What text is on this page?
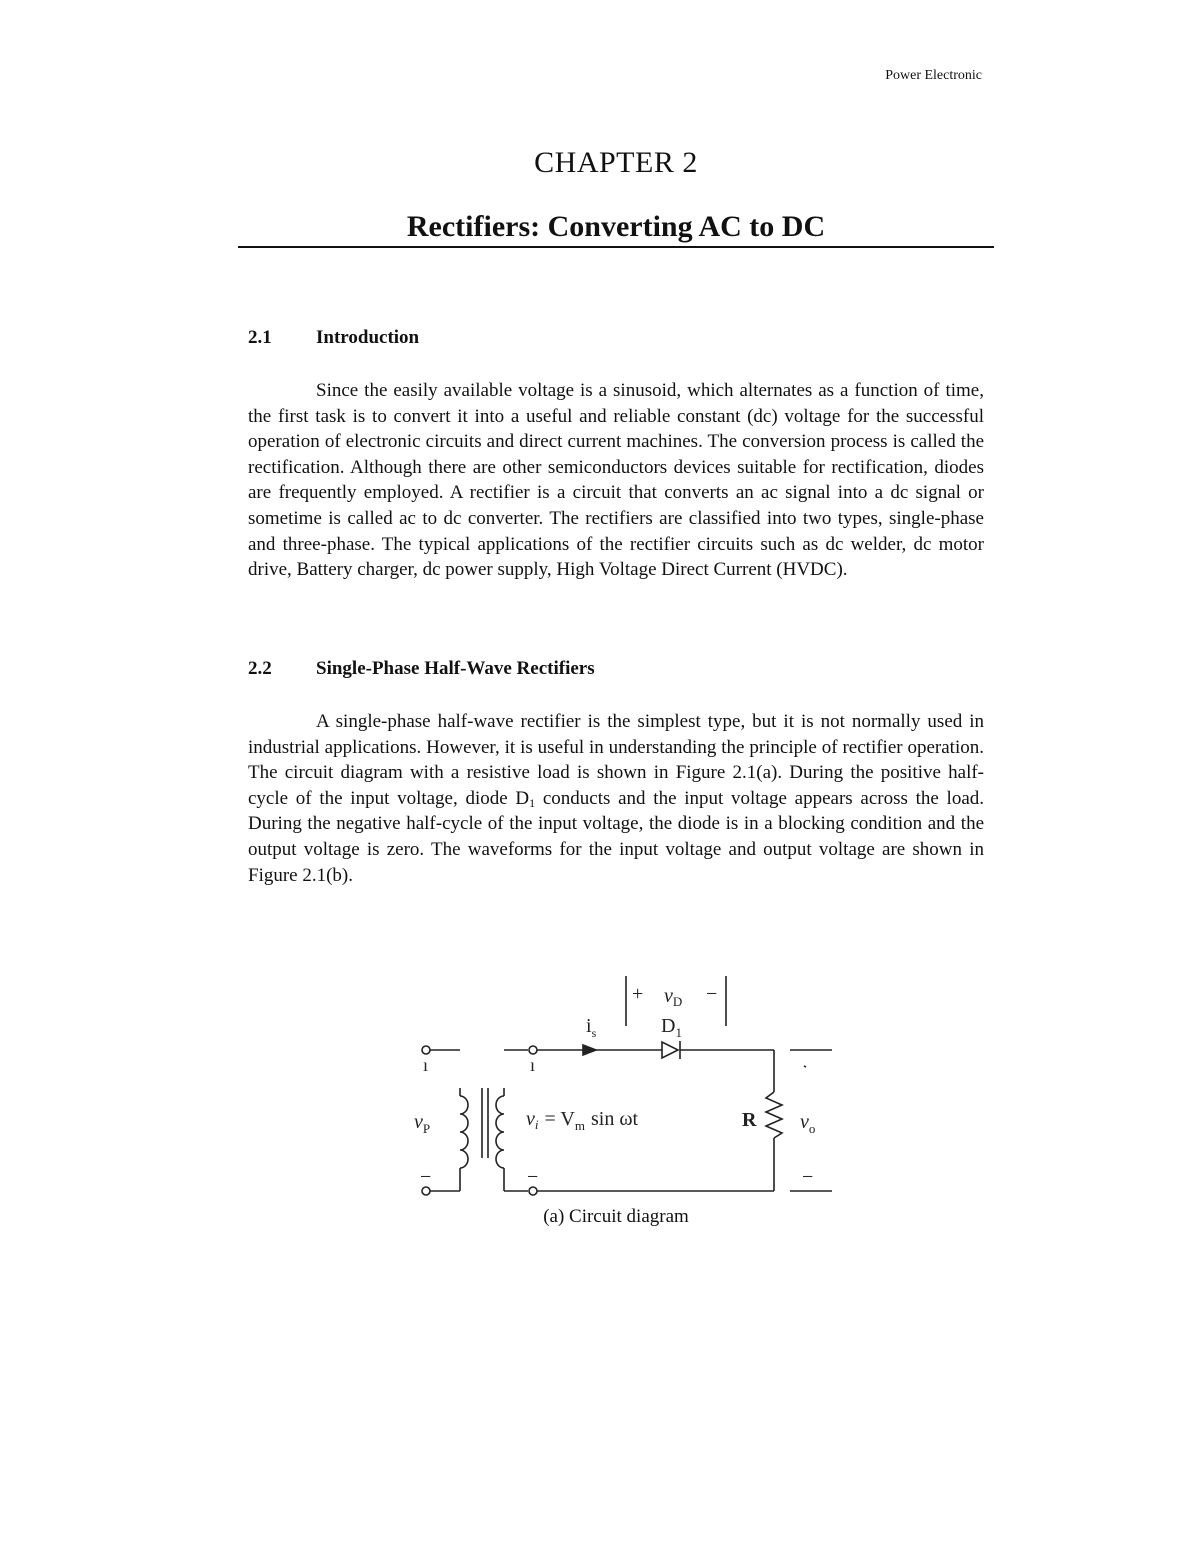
Power Electronic
CHAPTER 2
Rectifiers: Converting AC to DC
2.1 Introduction

Since the easily available voltage is a sinusoid, which alternates as a function of time, the first task is to convert it into a useful and reliable constant (dc) voltage for the successful operation of electronic circuits and direct current machines. The conversion process is called the rectification. Although there are other semiconductors devices suitable for rectification, diodes are frequently employed. A rectifier is a circuit that converts an ac signal into a dc signal or sometime is called ac to dc converter. The rectifiers are classified into two types, single-phase and three-phase. The typical applications of the rectifier circuits such as dc welder, dc motor drive, Battery charger, dc power supply, High Voltage Direct Current (HVDC).

2.2 Single-Phase Half-Wave Rectifiers

A single-phase half-wave rectifier is the simplest type, but it is not normally used in industrial applications. However, it is useful in understanding the principle of rectifier operation. The circuit diagram with a resistive load is shown in Figure 2.1(a). During the positive half-cycle of the input voltage, diode $D_1$ conducts and the input voltage appears across the load. During the negative half-cycle of the input voltage, the diode is in a blocking condition and the output voltage is zero. The waveforms for the input voltage and output voltage are shown in Figure 2.1(b).

ı	ı
$v_P$	$v_i = V_m$ sin ωt
$i_s$
+ $v_D$ −
$D_1$
R $v_o$
−	−	−
(a) Circuit diagram
